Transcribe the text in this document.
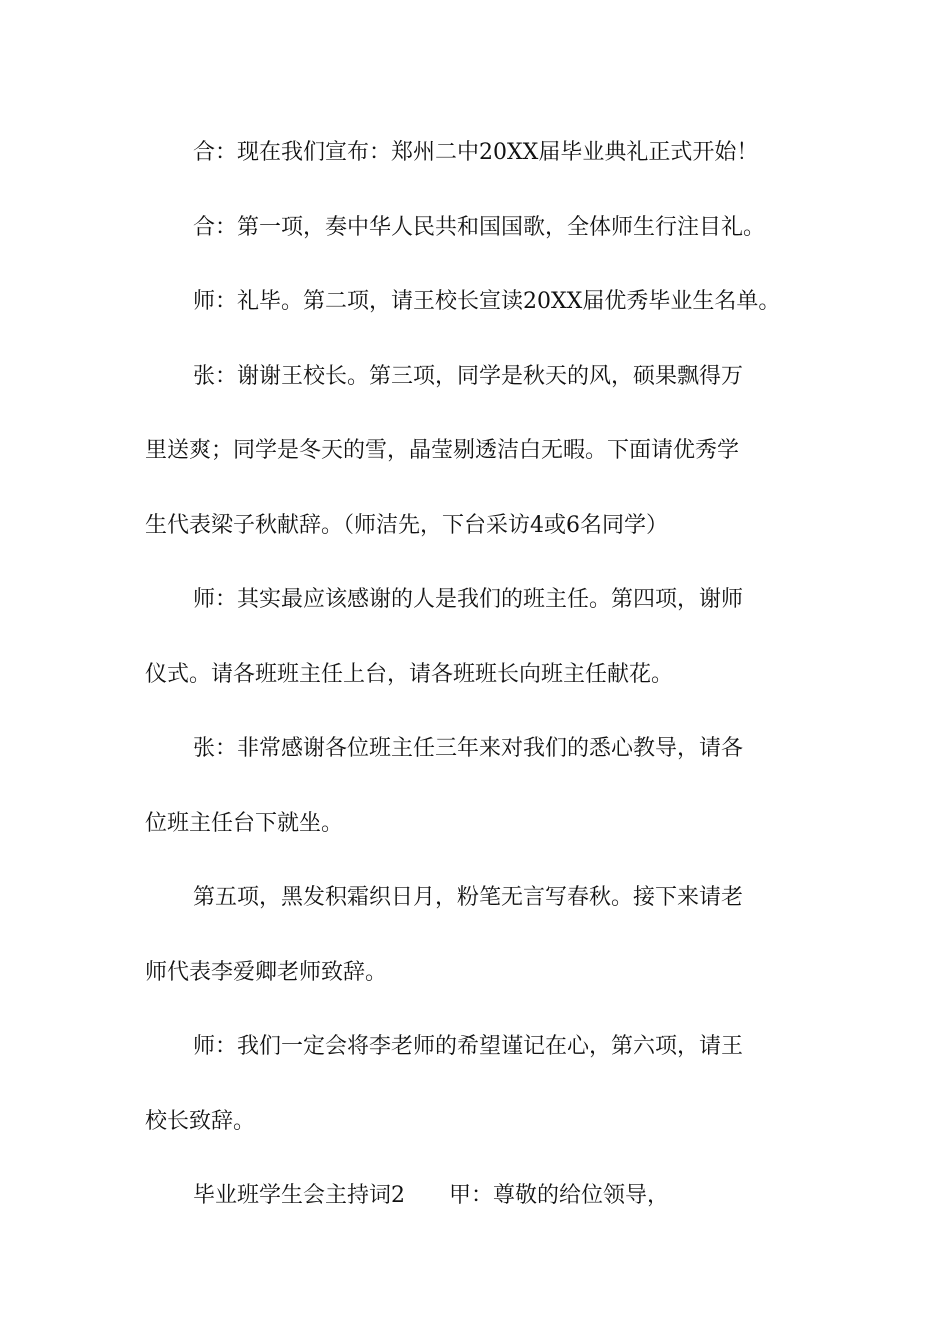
合：现在我们宣布：郑州二中20XX届毕业典礼正式开始！
合：第一项，奏中华人民共和国国歌，全体师生行注目礼。
师：礼毕。第二项，请王校长宣读20XX届优秀毕业生名单。
张：谢谢王校长。第三项，同学是秋天的风，硕果飘得万
里送爽；同学是冬天的雪，晶莹剔透洁白无暇。下面请优秀学
生代表梁子秋献辞。（师洁先，下台采访4或6名同学）
师：其实最应该感谢的人是我们的班主任。第四项，谢师
仪式。请各班班主任上台，请各班班长向班主任献花。
张：非常感谢各位班主任三年来对我们的悉心教导，请各
位班主任台下就坐。
第五项，黑发积霜织日月，粉笔无言写春秋。接下来请老
师代表李爱卿老师致辞。
师：我们一定会将李老师的希望谨记在心，第六项，请王
校长致辞。
毕业班学生会主持词2 甲：尊敬的给位领导，
